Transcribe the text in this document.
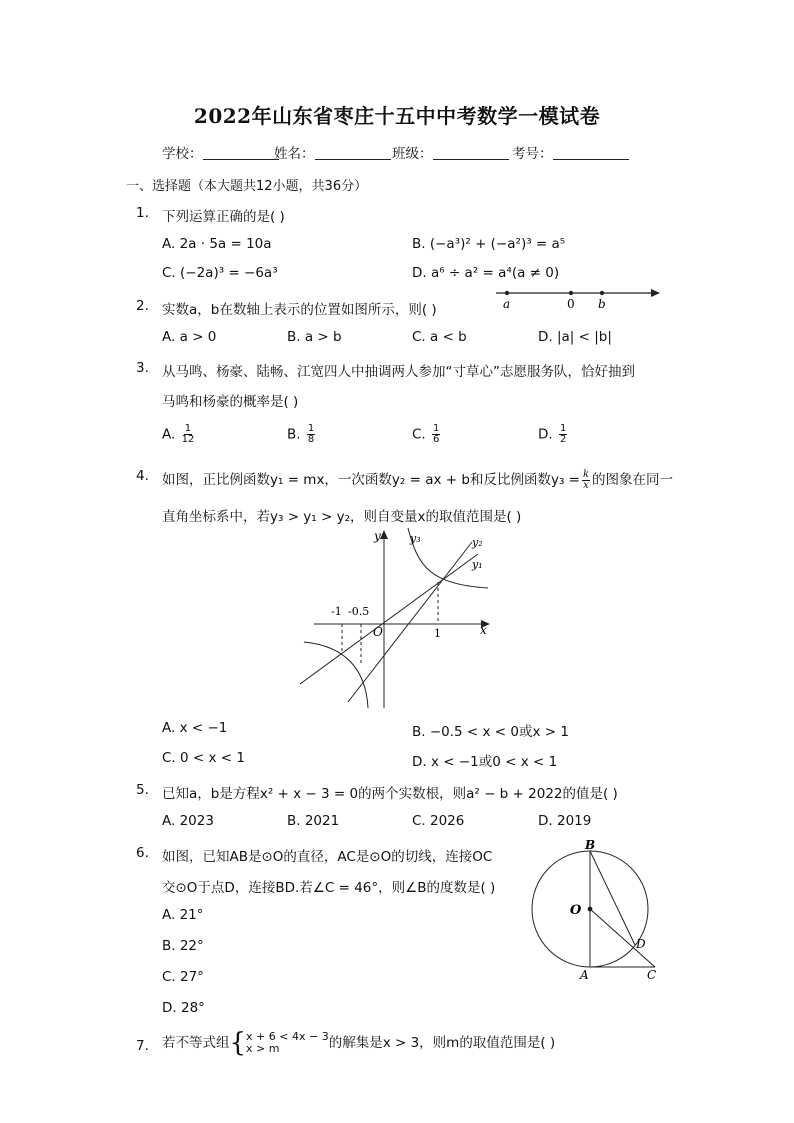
2022年山东省枣庄十五中中考数学一模试卷
学校：	姓名：	班级：	考号：
一、选择题（本大题共12小题，共36分）
1. 下列运算正确的是( )
A. 2a · 5a = 10a	B. (−a³)² + (−a²)³ = a⁵
C. (−2a)³ = −6a³	D. a⁶ ÷ a² = a⁴(a ≠ 0)
2. 实数a，b在数轴上表示的位置如图所示，则( )	a	0 b
A. a > 0	B. a > b	C. a < b	D. |a| < |b|
3. 从马鸣、杨豪、陆畅、江宽四人中抽调两人参加“寸草心”志愿服务队，恰好抽到
马鸣和杨豪的概率是( )
A. $\frac{1}{12}$	B. $\frac{1}{8}$	C. $\frac{1}{6}$	D. $\frac{1}{2}$
4. 如图，正比例函数y₁ = mx，一次函数y₂ = ax + b和反比例函数$y_3 = \frac{k}{x}$ 的图象在同一
直角坐标系中，若y₃ > y₁ > y₂，则自变量x的取值范围是( )
y	y₃	y₂
y₁
-1 -0.5
O	1	x
A. x < −1	B. −0.5 < x < 0或x > 1
C. 0 < x < 1	D. x < −1或0 < x < 1
5. 已知a，b是方程x² + x − 3 = 0的两个实数根，则a² − b + 2022的值是( )
A. 2023	B. 2021	C. 2026	D. 2019
6. 如图，已知AB是⊙O的直径，AC是⊙O的切线，连接OC
交⊙O于点D，连接BD.若∠C = 46°，则∠B的度数是( )
A. 21°
B. 22°
C. 27°
D. 28°
B
O
D
A	C
7. 若不等式组 { x + 6 < 4x − 3
x > m	的解集是x > 3，则m的取值范围是( )
